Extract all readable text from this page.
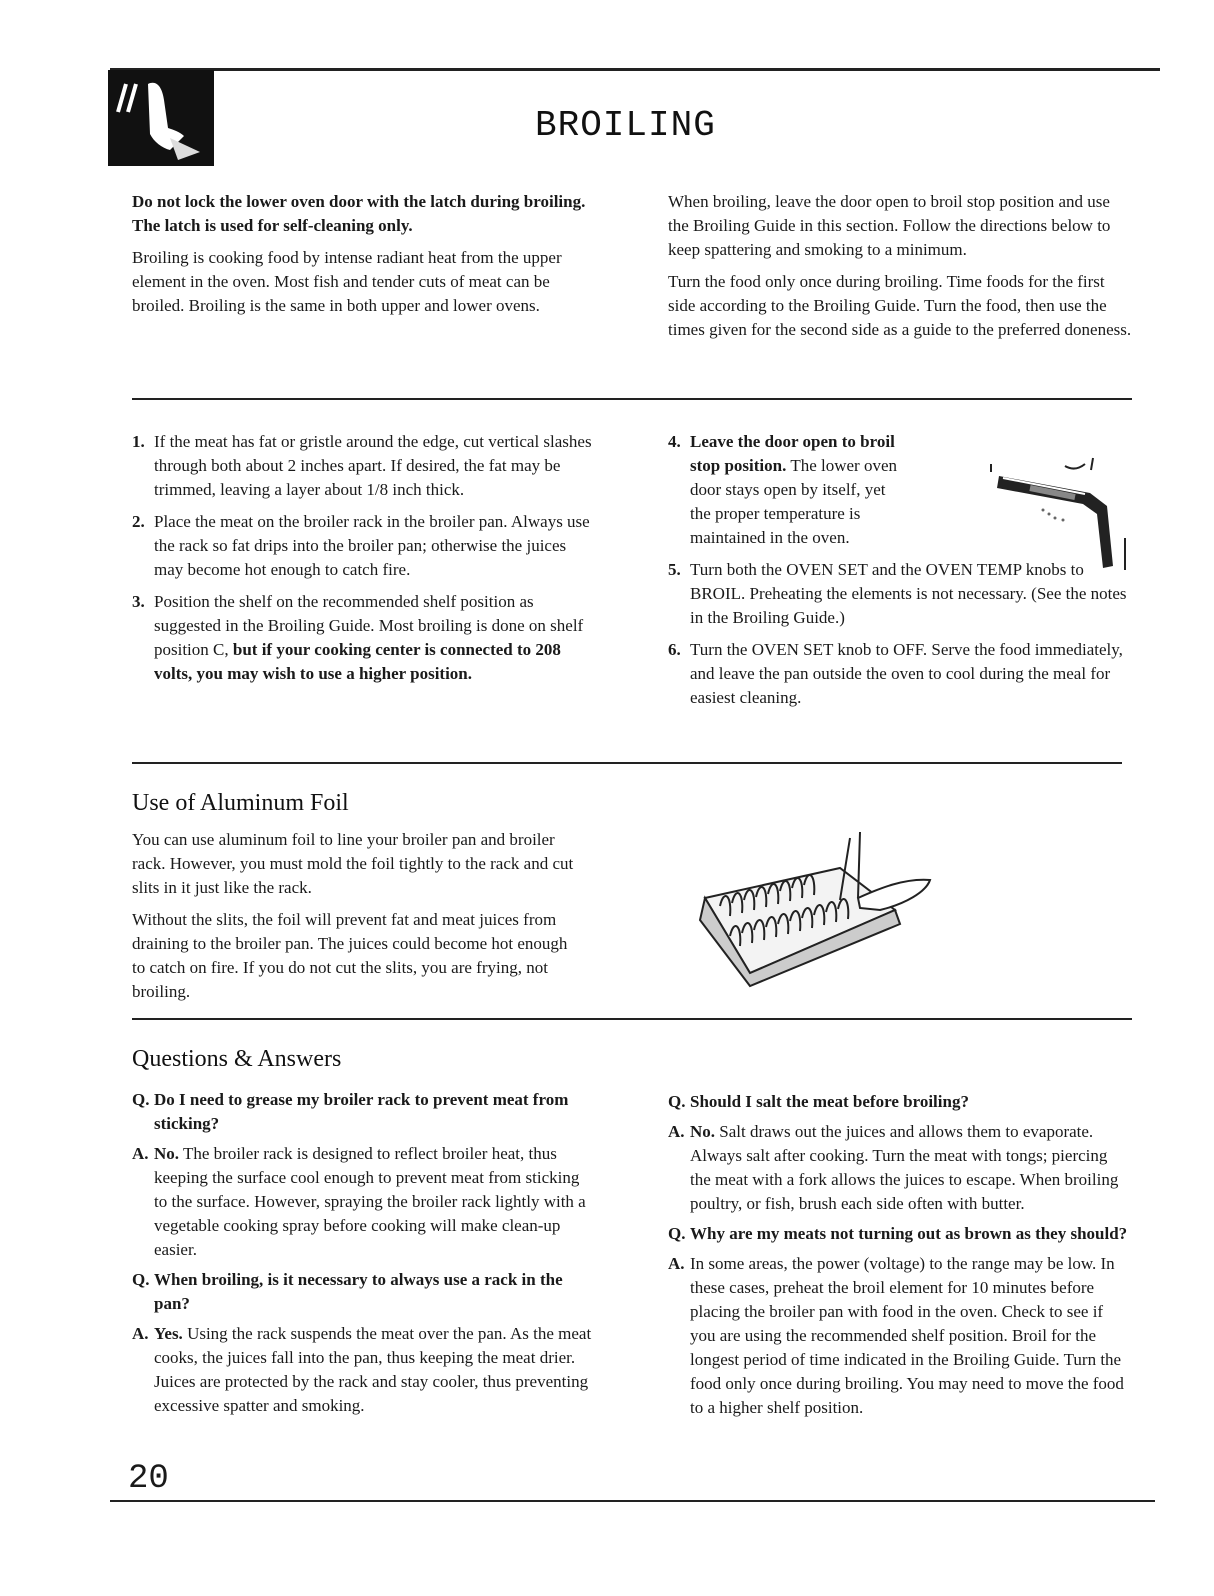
BROILING

Do not lock the lower oven door with the latch during broiling. The latch is used for self-cleaning only.

Broiling is cooking food by intense radiant heat from the upper element in the oven. Most fish and tender cuts of meat can be broiled. Broiling is the same in both upper and lower ovens.

When broiling, leave the door open to broil stop position and use the Broiling Guide in this section. Follow the directions below to keep spattering and smoking to a minimum.

Turn the food only once during broiling. Time foods for the first side according to the Broiling Guide. Turn the food, then use the times given for the second side as a guide to the preferred doneness.

1. If the meat has fat or gristle around the edge, cut vertical slashes through both about 2 inches apart. If desired, the fat may be trimmed, leaving a layer about 1/8 inch thick.
2. Place the meat on the broiler rack in the broiler pan. Always use the rack so fat drips into the broiler pan; otherwise the juices may become hot enough to catch fire.
3. Position the shelf on the recommended shelf position as suggested in the Broiling Guide. Most broiling is done on shelf position C, but if your cooking center is connected to 208 volts, you may wish to use a higher position.
4. Leave the door open to broil stop position. The lower oven door stays open by itself, yet the proper temperature is maintained in the oven.
5. Turn both the OVEN SET and the OVEN TEMP knobs to BROIL. Preheating the elements is not necessary. (See the notes in the Broiling Guide.)
6. Turn the OVEN SET knob to OFF. Serve the food immediately, and leave the pan outside the oven to cool during the meal for easiest cleaning.
Use of Aluminum Foil

You can use aluminum foil to line your broiler pan and broiler rack. However, you must mold the foil tightly to the rack and cut slits in it just like the rack.

Without the slits, the foil will prevent fat and meat juices from draining to the broiler pan. The juices could become hot enough to catch on fire. If you do not cut the slits, you are frying, not broiling.

Questions & Answers
Q. Do I need to grease my broiler rack to prevent meat from sticking?
A. No. The broiler rack is designed to reflect broiler heat, thus keeping the surface cool enough to prevent meat from sticking to the surface. However, spraying the broiler rack lightly with a vegetable cooking spray before cooking will make clean-up easier.
Q. When broiling, is it necessary to always use a rack in the pan?
A. Yes. Using the rack suspends the meat over the pan. As the meat cooks, the juices fall into the pan, thus keeping the meat drier. Juices are protected by the rack and stay cooler, thus preventing excessive spatter and smoking.
Q. Should I salt the meat before broiling?
A. No. Salt draws out the juices and allows them to evaporate. Always salt after cooking. Turn the meat with tongs; piercing the meat with a fork allows the juices to escape. When broiling poultry, or fish, brush each side often with butter.
Q. Why are my meats not turning out as brown as they should?
A. In some areas, the power (voltage) to the range may be low. In these cases, preheat the broil element for 10 minutes before placing the broiler pan with food in the oven. Check to see if you are using the recommended shelf position. Broil for the longest period of time indicated in the Broiling Guide. Turn the food only once during broiling. You may need to move the food to a higher shelf position.
20
